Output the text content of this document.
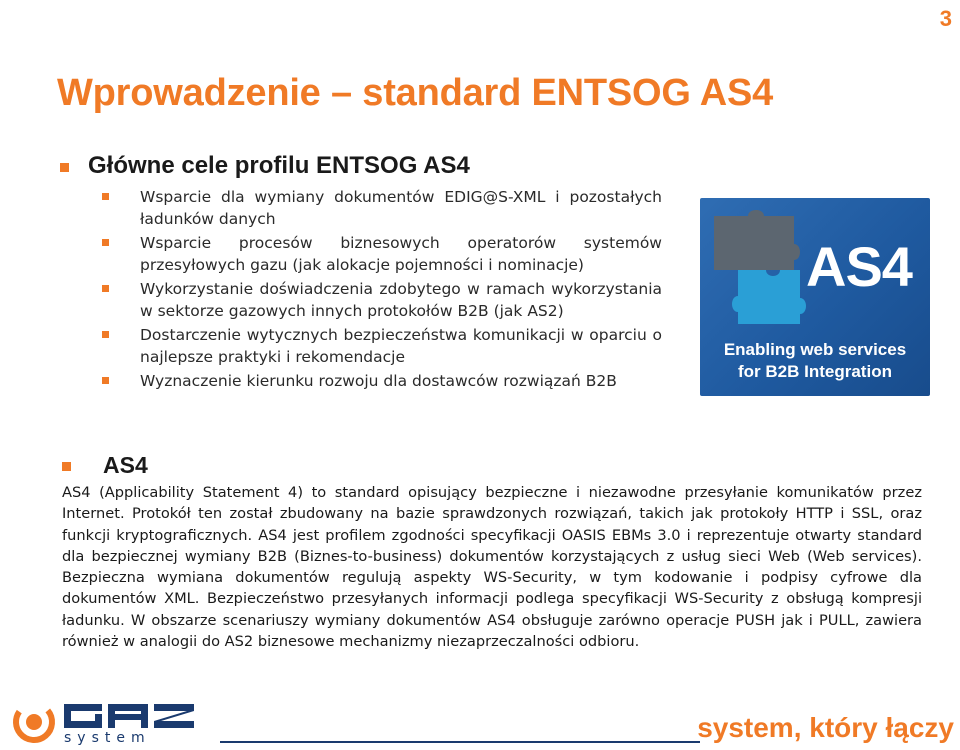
3
Wprowadzenie – standard ENTSOG AS4
Główne cele profilu ENTSOG AS4
Wsparcie dla wymiany dokumentów EDIG@S-XML i pozostałych ładunków danych
Wsparcie procesów biznesowych operatorów systemów przesyłowych gazu (jak alokacje pojemności i nominacje)
Wykorzystanie doświadczenia zdobytego w ramach wykorzystania w sektorze gazowych innych protokołów B2B (jak AS2)
Dostarczenie wytycznych bezpieczeństwa komunikacji w oparciu o najlepsze praktyki i rekomendacje
Wyznaczenie kierunku rozwoju dla dostawców rozwiązań B2B
AS4
Enabling web services
for B2B Integration
AS4

AS4 (Applicability Statement 4) to standard opisujący bezpieczne i niezawodne przesyłanie komunikatów przez Internet. Protokół ten został zbudowany na bazie sprawdzonych rozwiązań, takich jak protokoły HTTP i SSL, oraz funkcji kryptograficznych. AS4 jest profilem zgodności specyfikacji OASIS EBMs 3.0 i reprezentuje otwarty standard dla bezpiecznej wymiany B2B (Biznes-to-business) dokumentów korzystających z usług sieci Web (Web services). Bezpieczna wymiana dokumentów regulują aspekty WS-Security, w tym kodowanie i podpisy cyfrowe dla dokumentów XML. Bezpieczeństwo przesyłanych informacji podlega specyfikacji WS-Security z obsługą kompresji ładunku. W obszarze scenariuszy wymiany dokumentów AS4 obsługuje zarówno operacje PUSH jak i PULL, zawiera również w analogii do AS2 biznesowe mechanizmy niezaprzeczalności odbioru.

system	system, który łączy
